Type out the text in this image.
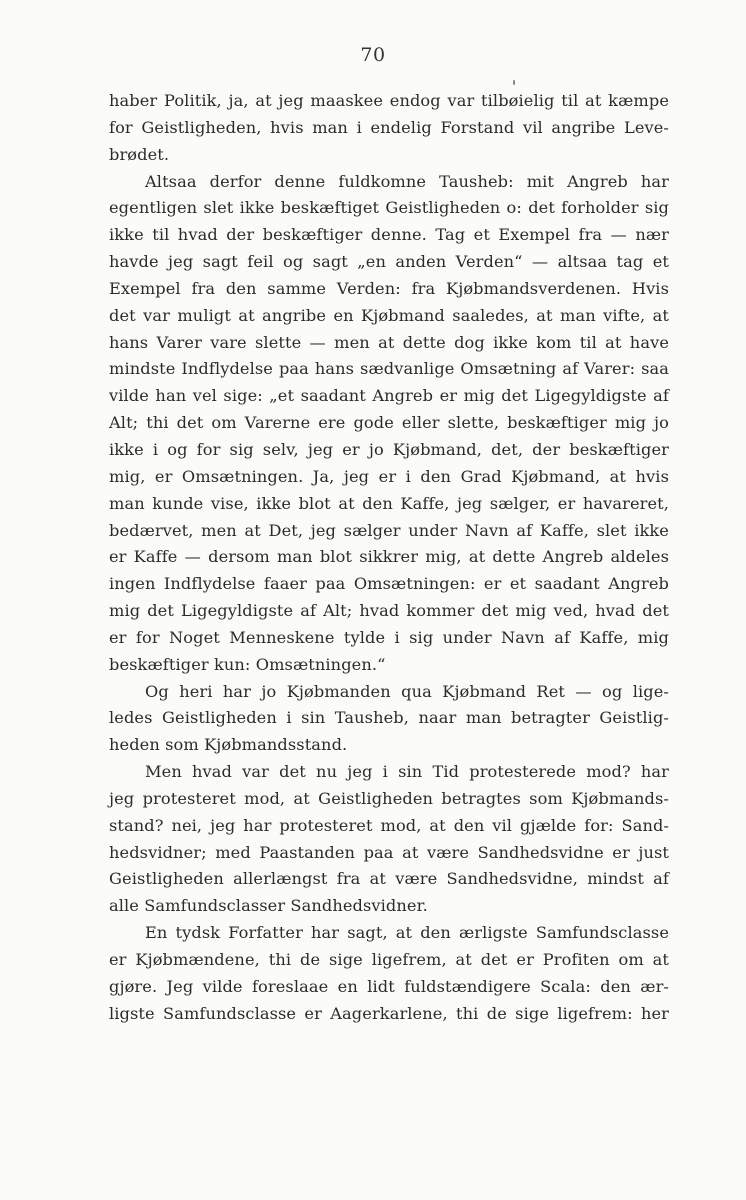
70
haber Politik, ja, at jeg maaskee endog var tilbøielig til at kæmpe
for Geistligheden, hvis man i endelig Forstand vil angribe Leve-
brødet.
Altsaa derfor denne fuldkomne Tausheb: mit Angreb har
egentligen slet ikke beskæftiget Geistligheden o: det forholder sig
ikke til hvad der beskæftiger denne. Tag et Exempel fra — nær
havde jeg sagt feil og sagt „en anden Verden“ — altsaa tag et
Exempel fra den samme Verden: fra Kjøbmandsverdenen. Hvis
det var muligt at angribe en Kjøbmand saaledes, at man vifte, at
hans Varer vare slette — men at dette dog ikke kom til at have
mindste Indflydelse paa hans sædvanlige Omsætning af Varer: saa
vilde han vel sige: „et saadant Angreb er mig det Ligegyldigste af
Alt; thi det om Varerne ere gode eller slette, beskæftiger mig jo
ikke i og for sig selv, jeg er jo Kjøbmand, det, der beskæftiger
mig, er Omsætningen. Ja, jeg er i den Grad Kjøbmand, at hvis
man kunde vise, ikke blot at den Kaffe, jeg sælger, er havareret,
bedærvet, men at Det, jeg sælger under Navn af Kaffe, slet ikke
er Kaffe — dersom man blot sikkrer mig, at dette Angreb aldeles
ingen Indflydelse faaer paa Omsætningen: er et saadant Angreb
mig det Ligegyldigste af Alt; hvad kommer det mig ved, hvad det
er for Noget Menneskene tylde i sig under Navn af Kaffe, mig
beskæftiger kun: Omsætningen.“
Og heri har jo Kjøbmanden qua Kjøbmand Ret — og lige-
ledes Geistligheden i sin Tausheb, naar man betragter Geistlig-
heden som Kjøbmandsstand.
Men hvad var det nu jeg i sin Tid protesterede mod? har
jeg protesteret mod, at Geistligheden betragtes som Kjøbmands-
stand? nei, jeg har protesteret mod, at den vil gjælde for: Sand-
hedsvidner; med Paastanden paa at være Sandhedsvidne er just
Geistligheden allerlængst fra at være Sandhedsvidne, mindst af
alle Samfundsclasser Sandhedsvidner.
En tydsk Forfatter har sagt, at den ærligste Samfundsclasse
er Kjøbmændene, thi de sige ligefrem, at det er Profiten om at
gjøre. Jeg vilde foreslaae en lidt fuldstændigere Scala: den ær-
ligste Samfundsclasse er Aagerkarlene, thi de sige ligefrem: her
